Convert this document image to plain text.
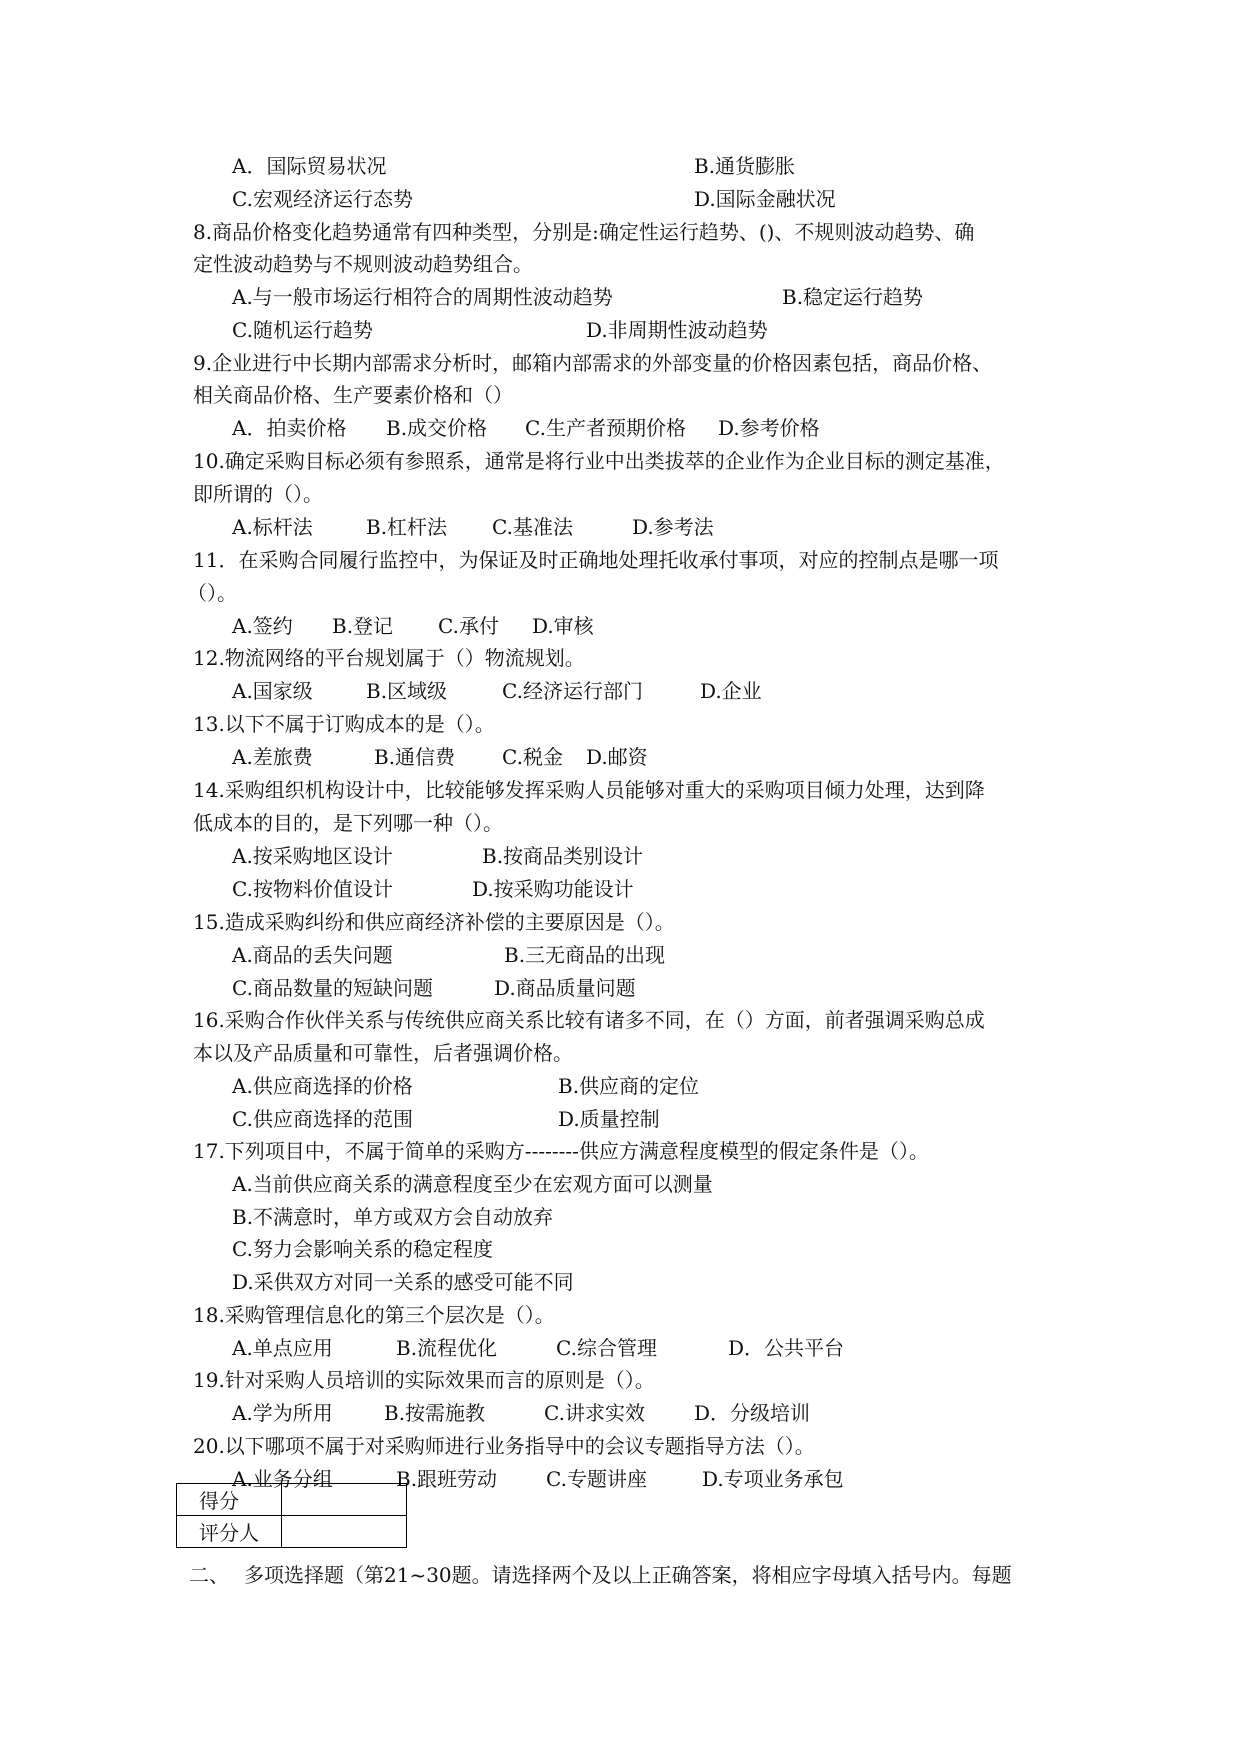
A．国际贸易状况	B.通货膨胀
C.宏观经济运行态势	D.国际金融状况
8.商品价格变化趋势通常有四种类型，分别是:确定性运行趋势、()、不规则波动趋势、确
定性波动趋势与不规则波动趋势组合。
A.与一般市场运行相符合的周期性波动趋势	B.稳定运行趋势
C.随机运行趋势	D.非周期性波动趋势
9.企业进行中长期内部需求分析时，邮箱内部需求的外部变量的价格因素包括，商品价格、
相关商品价格、生产要素价格和（）
A．拍卖价格 B.成交价格 C.生产者预期价格 D.参考价格
10.确定采购目标必须有参照系，通常是将行业中出类拔萃的企业作为企业目标的测定基准，
即所谓的（）。
A.标杆法	B.杠杆法 C.基准法	D.参考法
11．在采购合同履行监控中，为保证及时正确地处理托收承付事项，对应的控制点是哪一项
（）。
A.签约 B.登记 C.承付 D.审核
12.物流网络的平台规划属于（）物流规划。
A.国家级	B.区域级	C.经济运行部门	D.企业
13.以下不属于订购成本的是（）。
A.差旅费	B.通信费 C.税金 D.邮资
14.采购组织机构设计中，比较能够发挥采购人员能够对重大的采购项目倾力处理，达到降
低成本的目的，是下列哪一种（）。
A.按采购地区设计	B.按商品类别设计
C.按物料价值设计	D.按采购功能设计
15.造成采购纠纷和供应商经济补偿的主要原因是（）。
A.商品的丢失问题	B.三无商品的出现
C.商品数量的短缺问题	D.商品质量问题
16.采购合作伙伴关系与传统供应商关系比较有诸多不同，在（）方面，前者强调采购总成
本以及产品质量和可靠性，后者强调价格。
A.供应商选择的价格	B.供应商的定位
C.供应商选择的范围	D.质量控制
17.下列项目中，不属于简单的采购方--------供应方满意程度模型的假定条件是（）。
A.当前供应商关系的满意程度至少在宏观方面可以测量
B.不满意时，单方或双方会自动放弃
C.努力会影响关系的稳定程度
D.采供双方对同一关系的感受可能不同
18.采购管理信息化的第三个层次是（）。
A.单点应用	B.流程优化	C.综合管理	D．公共平台
19.针对采购人员培训的实际效果而言的原则是（）。
A.学为所用	B.按需施教	C.讲求实效 D．分级培训
20.以下哪项不属于对采购师进行业务指导中的会议专题指导方法（）。
A.业务分组	B.跟班劳动 C.专题讲座	D.专项业务承包
得分	
评分人	
二、 多项选择题（第21~30题。请选择两个及以上正确答案，将相应字母填入括号内。每题
